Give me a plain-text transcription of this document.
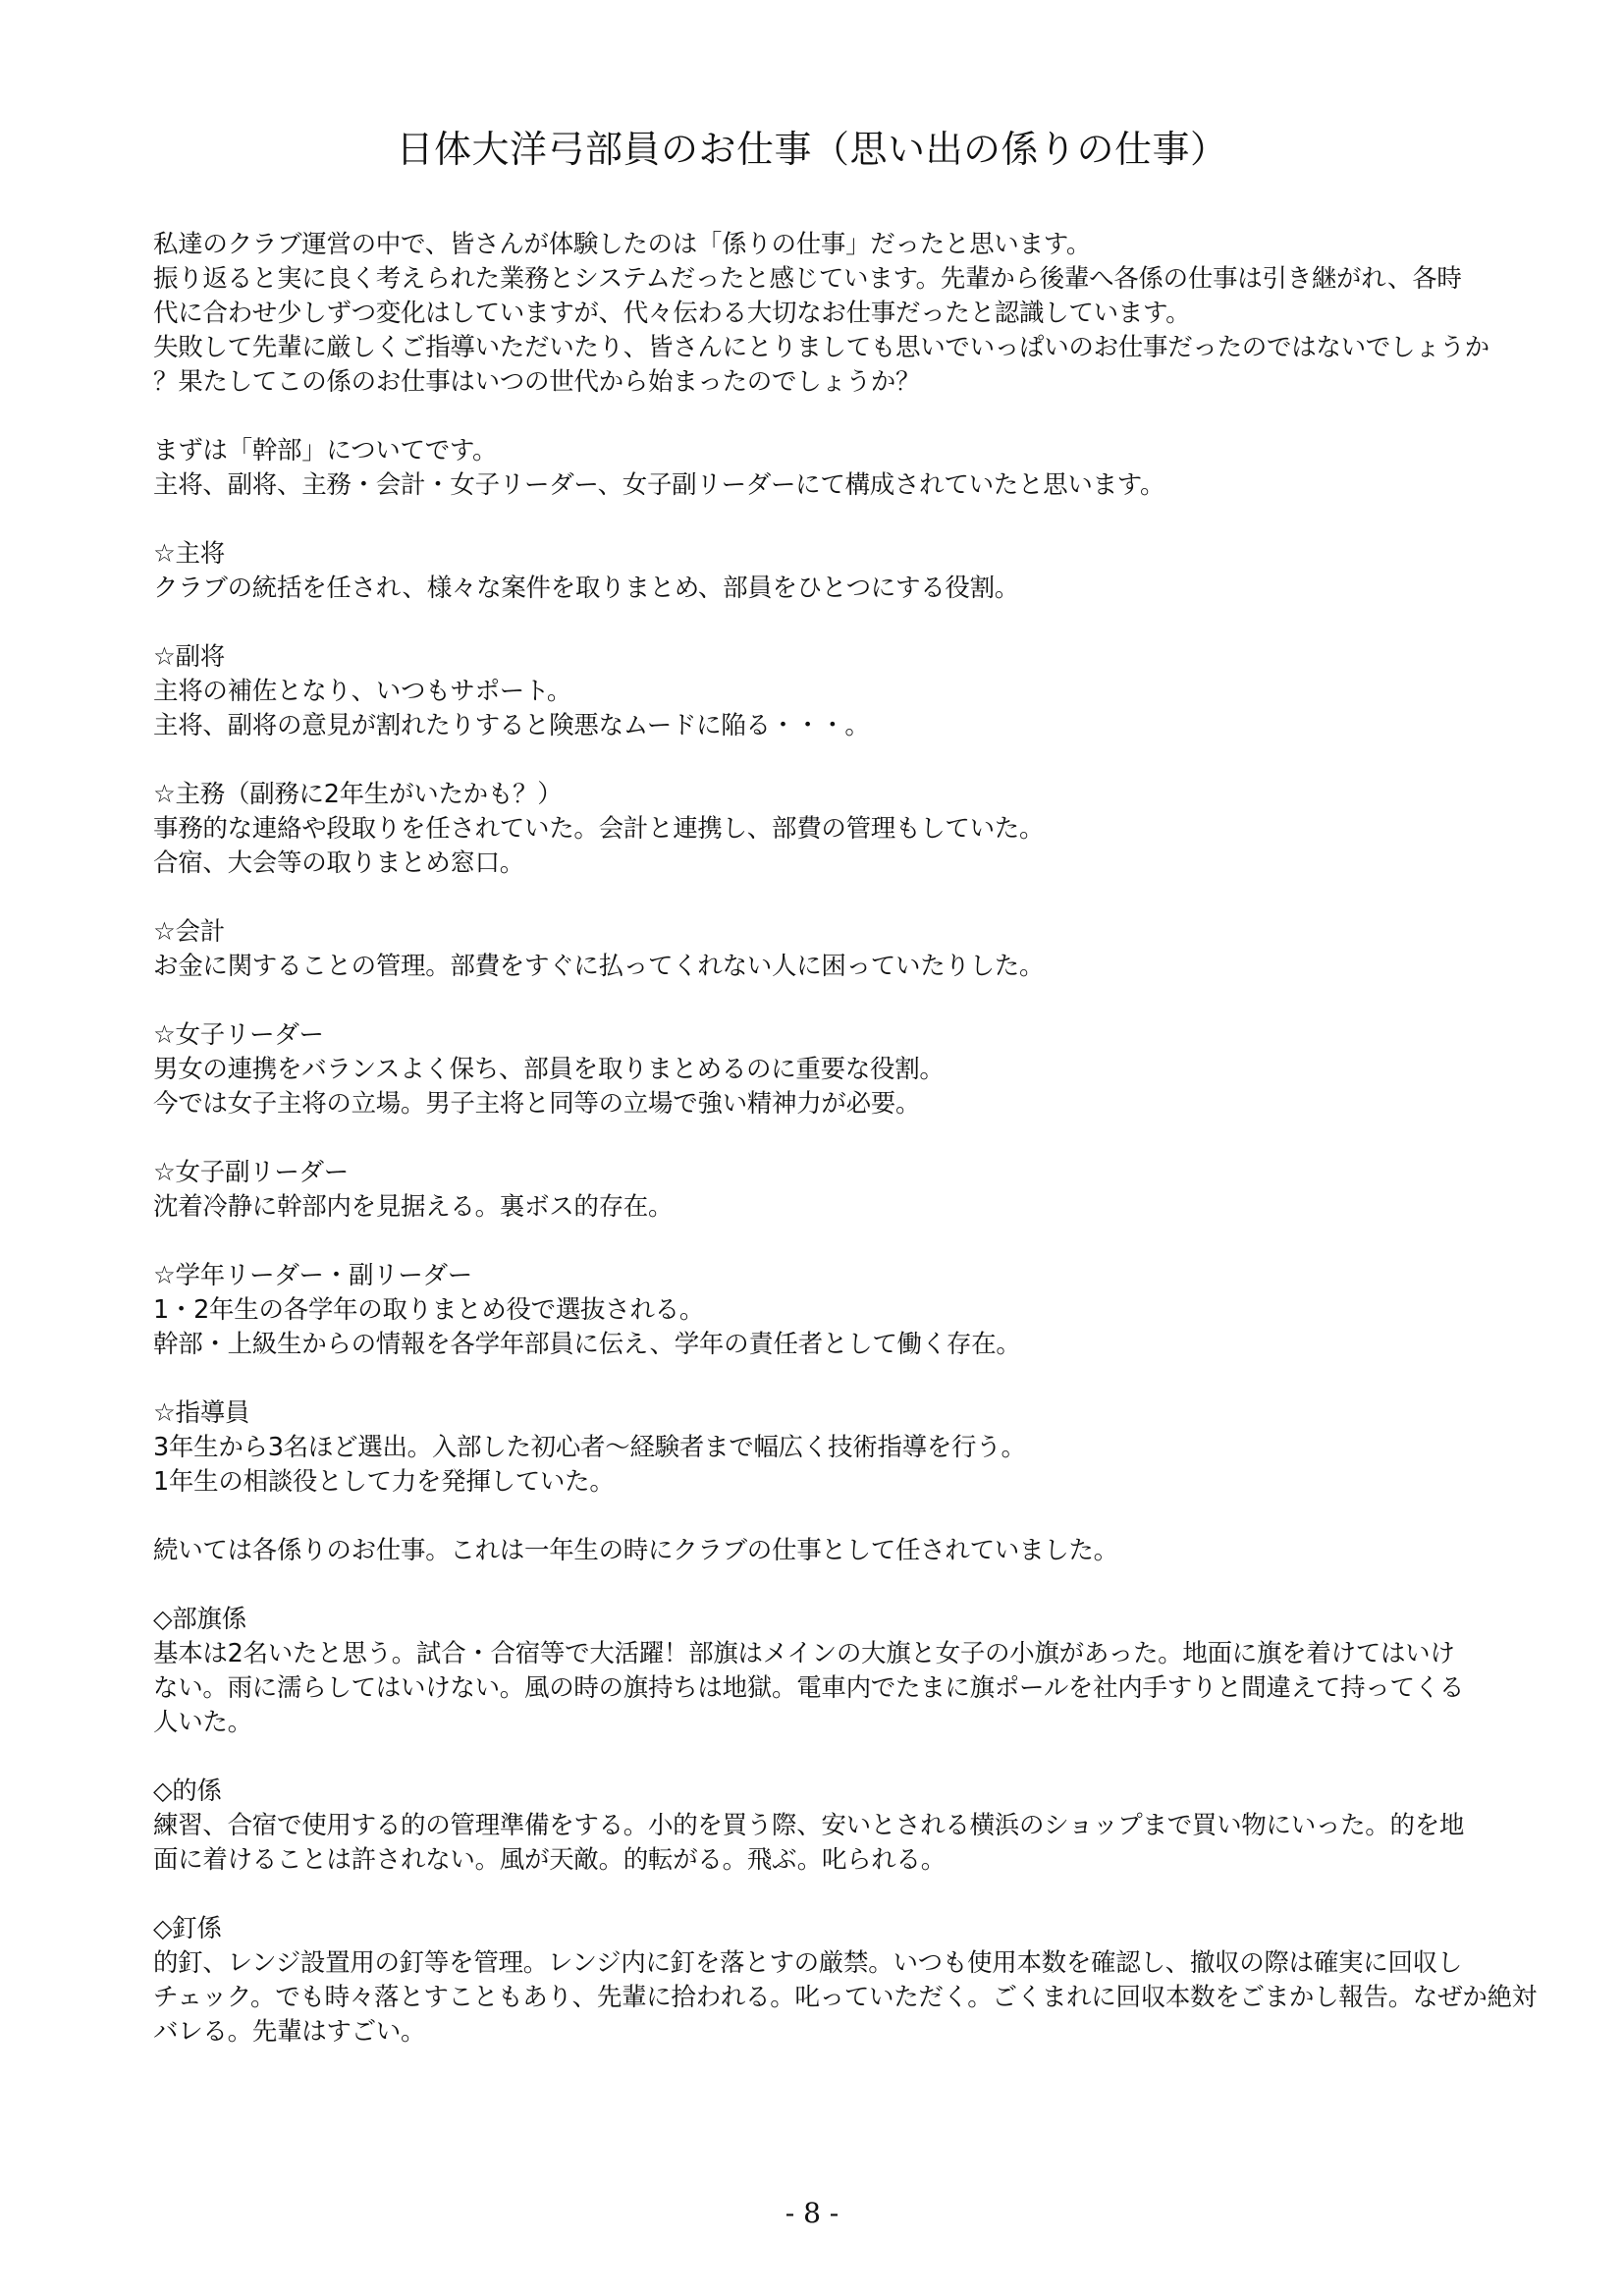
日体大洋弓部員のお仕事（思い出の係りの仕事）
私達のクラブ運営の中で、皆さんが体験したのは「係りの仕事」だったと思います。
振り返ると実に良く考えられた業務とシステムだったと感じています。先輩から後輩へ各係の仕事は引き継がれ、各時
代に合わせ少しずつ変化はしていますが、代々伝わる大切なお仕事だったと認識しています。
失敗して先輩に厳しくご指導いただいたり、皆さんにとりましても思いでいっぱいのお仕事だったのではないでしょうか
？果たしてこの係のお仕事はいつの世代から始まったのでしょうか？
まずは「幹部」についてです。
主将、副将、主務・会計・女子リーダー、女子副リーダーにて構成されていたと思います。
☆主将
クラブの統括を任され、様々な案件を取りまとめ、部員をひとつにする役割。
☆副将
主将の補佐となり、いつもサポート。
主将、副将の意見が割れたりすると険悪なムードに陥る・・・。
☆主務（副務に2年生がいたかも？）
事務的な連絡や段取りを任されていた。会計と連携し、部費の管理もしていた。
合宿、大会等の取りまとめ窓口。
☆会計
お金に関することの管理。部費をすぐに払ってくれない人に困っていたりした。
☆女子リーダー
男女の連携をバランスよく保ち、部員を取りまとめるのに重要な役割。
今では女子主将の立場。男子主将と同等の立場で強い精神力が必要。
☆女子副リーダー
沈着冷静に幹部内を見据える。裏ボス的存在。
☆学年リーダー・副リーダー
1・2年生の各学年の取りまとめ役で選抜される。
幹部・上級生からの情報を各学年部員に伝え、学年の責任者として働く存在。
☆指導員
3年生から3名ほど選出。入部した初心者～経験者まで幅広く技術指導を行う。
1年生の相談役として力を発揮していた。
続いては各係りのお仕事。これは一年生の時にクラブの仕事として任されていました。
◇部旗係
基本は2名いたと思う。試合・合宿等で大活躍！部旗はメインの大旗と女子の小旗があった。地面に旗を着けてはいけ
ない。雨に濡らしてはいけない。風の時の旗持ちは地獄。電車内でたまに旗ポールを社内手すりと間違えて持ってくる
人いた。
◇的係
練習、合宿で使用する的の管理準備をする。小的を買う際、安いとされる横浜のショップまで買い物にいった。的を地
面に着けることは許されない。風が天敵。的転がる。飛ぶ。叱られる。
◇釘係
的釘、レンジ設置用の釘等を管理。レンジ内に釘を落とすの厳禁。いつも使用本数を確認し、撤収の際は確実に回収し
チェック。でも時々落とすこともあり、先輩に拾われる。叱っていただく。ごくまれに回収本数をごまかし報告。なぜか絶対
バレる。先輩はすごい。
- 8 -
